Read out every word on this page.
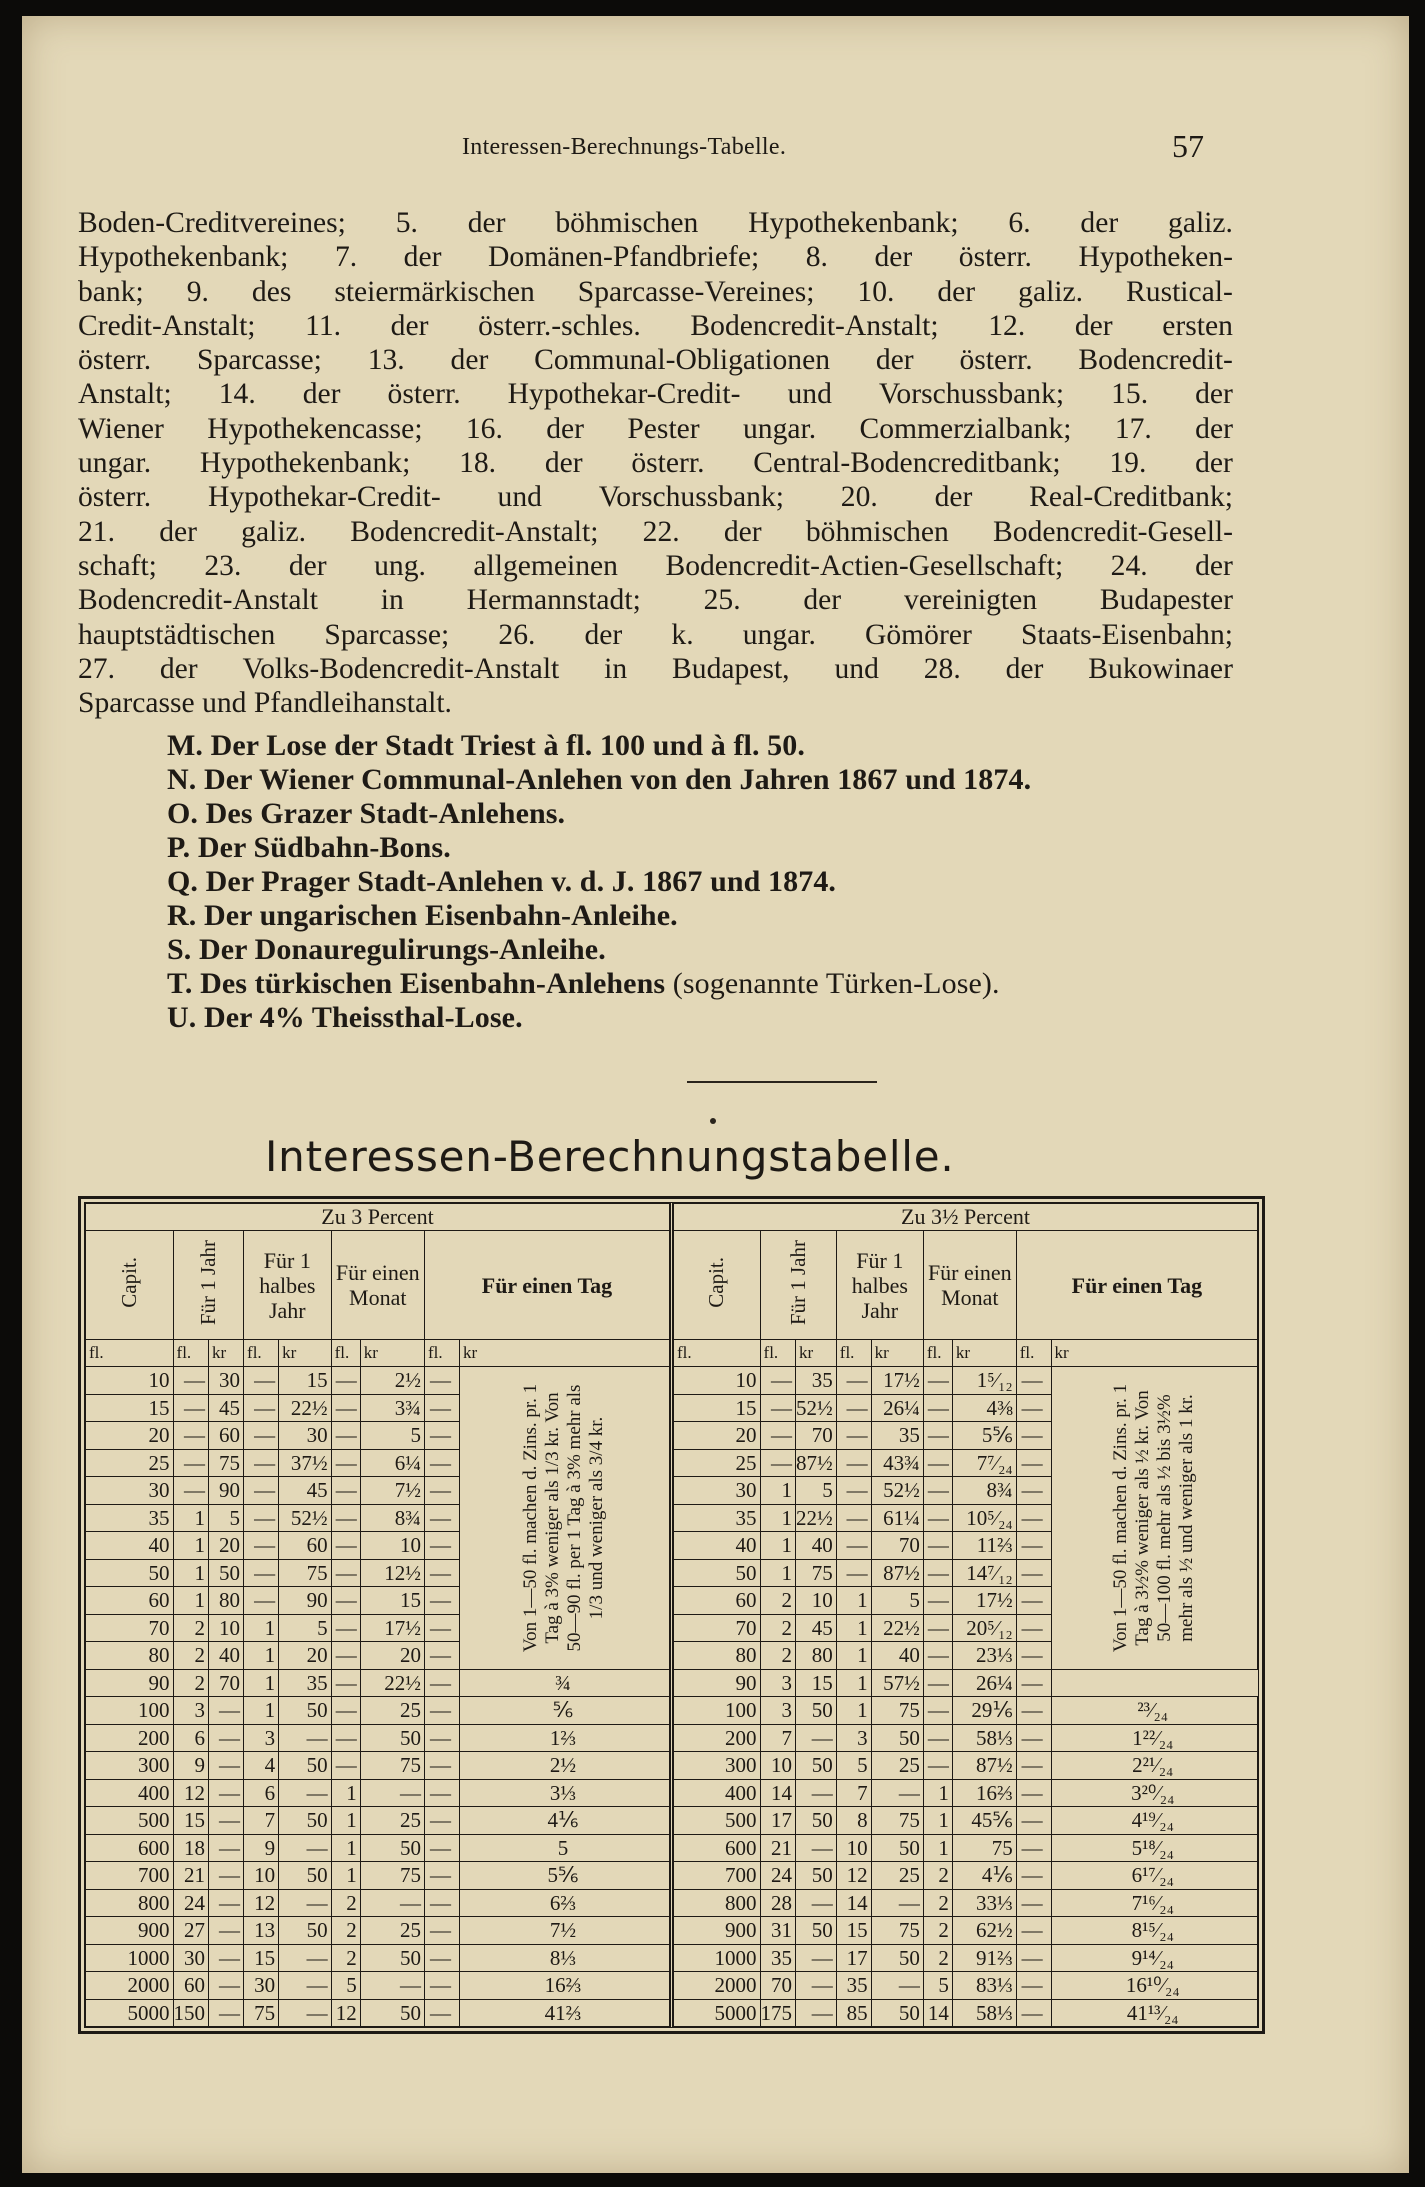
Interessen-Berechnungs-Tabelle.	57
Boden-Creditvereines; 5. der böhmischen Hypothekenbank; 6. der galiz.
Hypothekenbank; 7. der Domänen-Pfandbriefe; 8. der österr. Hypotheken-
bank; 9. des steiermärkischen Sparcasse-Vereines; 10. der galiz. Rustical-
Credit-Anstalt; 11. der österr.-schles. Bodencredit-Anstalt; 12. der ersten
österr. Sparcasse; 13. der Communal-Obligationen der österr. Bodencredit-
Anstalt; 14. der österr. Hypothekar-Credit- und Vorschussbank; 15. der
Wiener Hypothekencasse; 16. der Pester ungar. Commerzialbank; 17. der
ungar. Hypothekenbank; 18. der österr. Central-Bodencreditbank; 19. der
österr. Hypothekar-Credit- und Vorschussbank; 20. der Real-Creditbank;
21. der galiz. Bodencredit-Anstalt; 22. der böhmischen Bodencredit-Gesell-
schaft; 23. der ung. allgemeinen Bodencredit-Actien-Gesellschaft; 24. der
Bodencredit-Anstalt in Hermannstadt; 25. der vereinigten Budapester
hauptstädtischen Sparcasse; 26. der k. ungar. Gömörer Staats-Eisenbahn;
27. der Volks-Bodencredit-Anstalt in Budapest, und 28. der Bukowinaer
Sparcasse und Pfandleihanstalt.
M. Der Lose der Stadt Triest à fl. 100 und à fl. 50.
N. Der Wiener Communal-Anlehen von den Jahren 1867 und 1874.
O. Des Grazer Stadt-Anlehens.
P. Der Südbahn-Bons.
Q. Der Prager Stadt-Anlehen v. d. J. 1867 und 1874.
R. Der ungarischen Eisenbahn-Anleihe.
S. Der Donauregulirungs-Anleihe.
T. Des türkischen Eisenbahn-Anlehens (sogenannte Türken-Lose).
U. Der 4% Theissthal-Lose.
Interessen-Berechnungstabelle.
Zu 3 Percent								
Capit.	Für 1 Jahr		Für 1 halbes Jahr		Für einen Monat		Für einen Tag	
fl.	fl.	kr	fl.	kr	fl.	kr	fl.	kr
10	—	30	—	15	—	2½	—	Von 1—50 fl. machen d. Zins. pr. 1 Tag à 3% weniger als 1/3 kr. Von 50—90 fl. per 1 Tag à 3% mehr als 1/3 und weniger als 3/4 kr.

15	—	45	—	22½	—	3¾	—	
20	—	60	—	30	—	5	—	
25	—	75	—	37½	—	6¼	—	
30	—	90	—	45	—	7½	—	
35	1	5	—	52½	—	8¾	—	
40	1	20	—	60	—	10	—	
50	1	50	—	75	—	12½	—	
60	1	80	—	90	—	15	—	
70	2	10	1	5	—	17½	—	
80	2	40	1	20	—	20	—	
90	2	70	1	35	—	22½	—	¾
100	3	—	1	50	—	25	—	⅚
200	6	—	3	—	—	50	—	1⅔
300	9	—	4	50	—	75	—	2½
400	12	—	6	—	1	—	—	3⅓
500	15	—	7	50	1	25	—	4⅙
600	18	—	9	—	1	50	—	5
700	21	—	10	50	1	75	—	5⅚
800	24	—	12	—	2	—	—	6⅔
900	27	—	13	50	2	25	—	7½
1000	30	—	15	—	2	50	—	8⅓
2000	60	—	30	—	5	—	—	16⅔
5000	150	—	75	—	12	50	—	41⅔
Zu 3½ Percent								
Capit.	Für 1 Jahr		Für 1 halbes Jahr		Für einen Monat		Für einen Tag	
fl.	fl.	kr	fl.	kr	fl.	kr	fl.	kr
10	—	35	—	17½	—	1⁵⁄₁₂	—	Von 1—50 fl. machen d. Zins. pr. 1 Tag à 3½% weniger als ½ kr. Von 50—100 fl. mehr als ½ bis 3½% mehr als ½ und weniger als 1 kr.

15	—	52½	—	26¼	—	4⅜	—	
20	—	70	—	35	—	5⅚	—	
25	—	87½	—	43¾	—	7⁷⁄₂₄	—	
30	1	5	—	52½	—	8¾	—	
35	1	22½	—	61¼	—	10⁵⁄₂₄	—	
40	1	40	—	70	—	11⅔	—	
50	1	75	—	87½	—	14⁷⁄₁₂	—	
60	2	10	1	5	—	17½	—	
70	2	45	1	22½	—	20⁵⁄₁₂	—	
80	2	80	1	40	—	23⅓	—	
90	3	15	1	57½	—	26¼	—	
100	3	50	1	75	—	29⅙	—	²³⁄₂₄
200	7	—	3	50	—	58⅓	—	1²²⁄₂₄
300	10	50	5	25	—	87½	—	2²¹⁄₂₄
400	14	—	7	—	1	16⅔	—	3²⁰⁄₂₄
500	17	50	8	75	1	45⅚	—	4¹⁹⁄₂₄
600	21	—	10	50	1	75	—	5¹⁸⁄₂₄
700	24	50	12	25	2	4⅙	—	6¹⁷⁄₂₄
800	28	—	14	—	2	33⅓	—	7¹⁶⁄₂₄
900	31	50	15	75	2	62½	—	8¹⁵⁄₂₄
1000	35	—	17	50	2	91⅔	—	9¹⁴⁄₂₄
2000	70	—	35	—	5	83⅓	—	16¹⁰⁄₂₄
5000	175	—	85	50	14	58⅓	—	41¹³⁄₂₄
